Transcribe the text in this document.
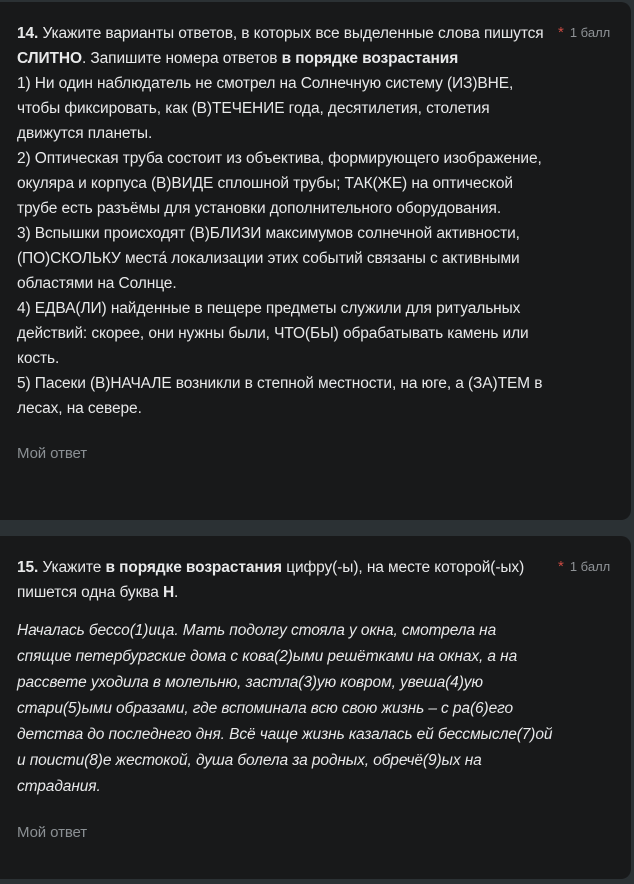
14. Укажите варианты ответов, в которых все выделенные слова пишутся СЛИТНО. Запишите номера ответов в порядке возрастания

1) Ни один наблюдатель не смотрел на Солнечную систему (ИЗ)ВНЕ, чтобы фиксировать, как (В)ТЕЧЕНИЕ года, десятилетия, столетия движутся планеты.

2) Оптическая труба состоит из объектива, формирующего изображение, окуляра и корпуса (В)ВИДЕ сплошной трубы; ТАК(ЖЕ) на оптической трубе есть разъёмы для установки дополнительного оборудования.

3) Вспышки происходят (В)БЛИЗИ максимумов солнечной активности, (ПО)СКОЛЬКУ места́ локализации этих событий связаны с активными областями на Солнце.

4) ЕДВА(ЛИ) найденные в пещере предметы служили для ритуальных действий: скорее, они нужны были, ЧТО(БЫ) обрабатывать камень или кость.

5) Пасеки (В)НАЧАЛЕ возникли в степной местности, на юге, а (ЗА)ТЕМ в лесах, на севере.

Мой ответ
* 1 балл
15. Укажите в порядке возрастания цифру(-ы), на месте которой(-ых) пишется одна буква Н.

Началась бессо(1)ица. Мать подолгу стояла у окна, смотрела на спящие петербургские дома с кова(2)ыми решётками на окнах, а на рассвете уходила в молельню, застла(3)ую ковром, увеша(4)ую стари(5)ыми образами, где вспоминала всю свою жизнь – с ра(6)его детства до последнего дня. Всё чаще жизнь казалась ей бессмысле(7)ой и поисти(8)е жестокой, душа болела за родных, обречё(9)ых на страдания.

Мой ответ
* 1 балл
